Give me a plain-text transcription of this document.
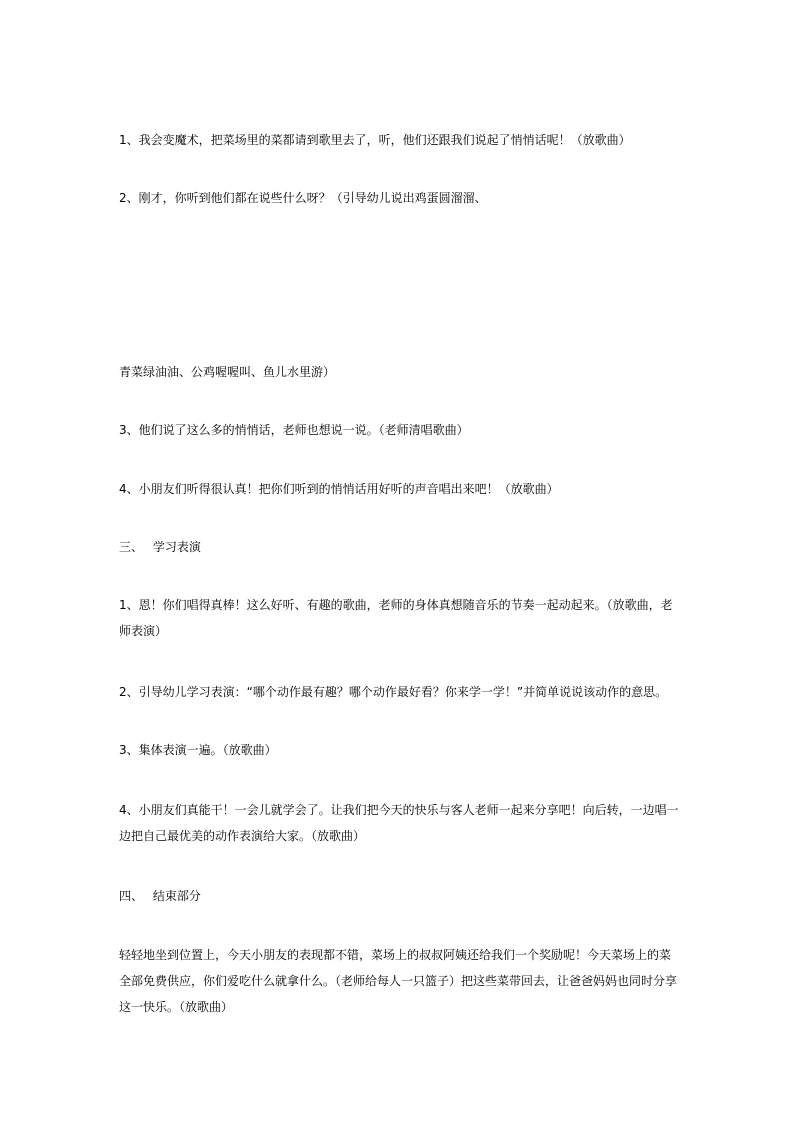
1、我会变魔术，把菜场里的菜都请到歌里去了，听，他们还跟我们说起了悄悄话呢！（放歌曲）
2、刚才，你听到他们都在说些什么呀？（引导幼儿说出鸡蛋圆溜溜、
青菜绿油油、公鸡喔喔叫、鱼儿水里游）
3、他们说了这么多的悄悄话，老师也想说一说。（老师清唱歌曲）
4、小朋友们听得很认真！把你们听到的悄悄话用好听的声音唱出来吧！（放歌曲）
三、 学习表演
1、恩！你们唱得真棒！这么好听、有趣的歌曲，老师的身体真想随音乐的节奏一起动起来。（放歌曲，老师表演）
2、引导幼儿学习表演：“哪个动作最有趣？哪个动作最好看？你来学一学！”并简单说说该动作的意思。
3、集体表演一遍。（放歌曲）
4、小朋友们真能干！一会儿就学会了。让我们把今天的快乐与客人老师一起来分享吧！向后转，一边唱一边把自己最优美的动作表演给大家。（放歌曲）
四、 结束部分
轻轻地坐到位置上，今天小朋友的表现都不错，菜场上的叔叔阿姨还给我们一个奖励呢！今天菜场上的菜全部免费供应，你们爱吃什么就拿什么。（老师给每人一只篮子）把这些菜带回去，让爸爸妈妈也同时分享这一快乐。（放歌曲）
